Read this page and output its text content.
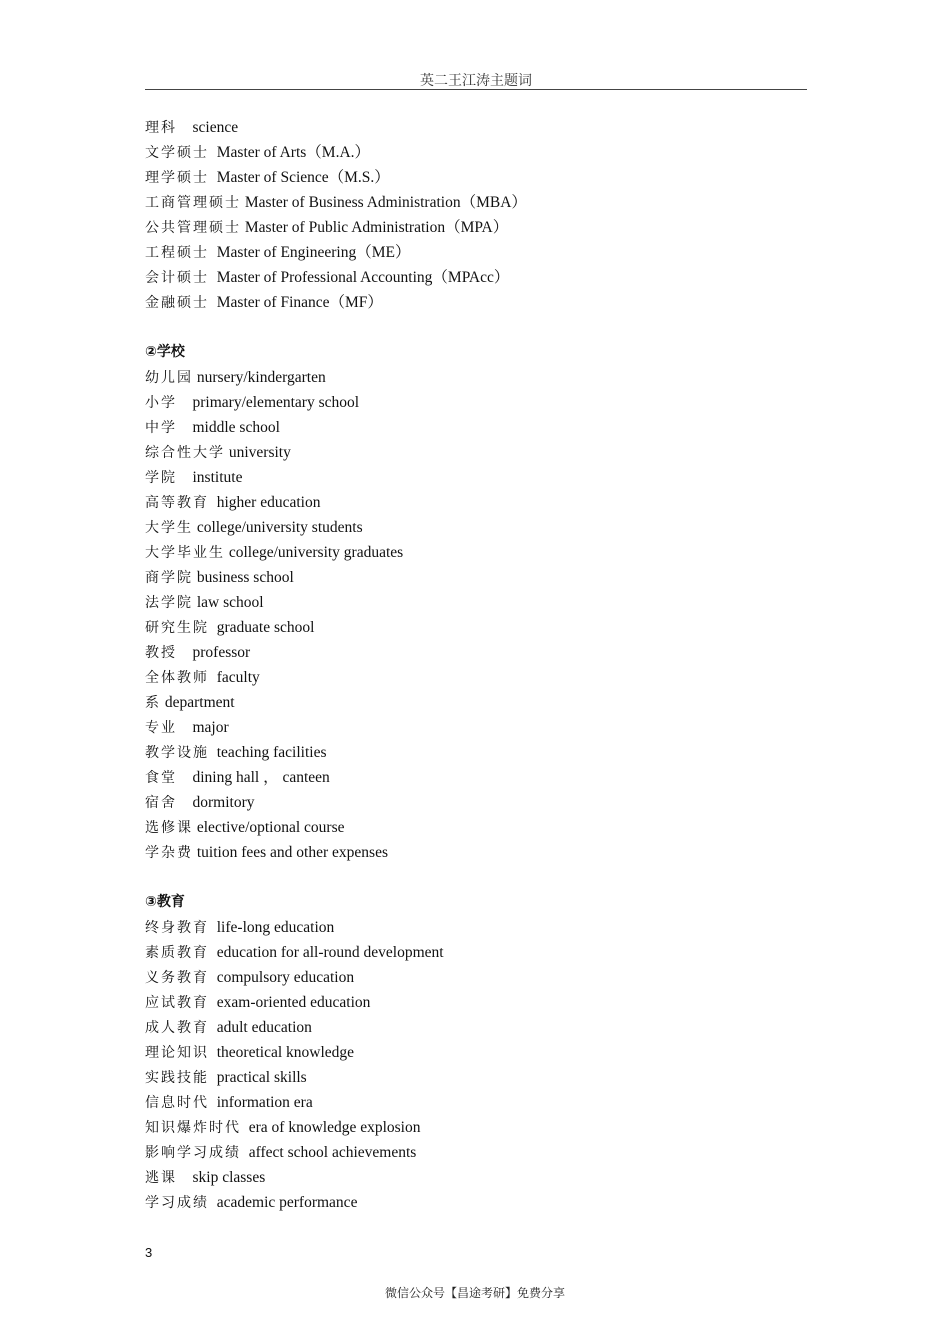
英二王江涛主题词
理科 science
文学硕士 Master of Arts（M.A.）
理学硕士 Master of Science（M.S.）
工商管理硕士 Master of Business Administration（MBA）
公共管理硕士 Master of Public Administration（MPA）
工程硕士 Master of Engineering（ME）
会计硕士 Master of Professional Accounting（MPAcc）
金融硕士 Master of Finance（MF）
②学校
幼儿园 nursery/kindergarten
小学 primary/elementary school
中学 middle school
综合性大学 university
学院 institute
高等教育 higher education
大学生 college/university students
大学毕业生 college/university graduates
商学院 business school
法学院 law school
研究生院 graduate school
教授 professor
全体教师 faculty
系 department
专业 major
教学设施 teaching facilities
食堂 dining hall ， canteen
宿舍 dormitory
选修课 elective/optional course
学杂费 tuition fees and other expenses
③教育
终身教育 life-long education
素质教育 education for all-round development
义务教育 compulsory education
应试教育 exam-oriented education
成人教育 adult education
理论知识 theoretical knowledge
实践技能 practical skills
信息时代 information era
知识爆炸时代 era of knowledge explosion
影响学习成绩 affect school achievements
逃课 skip classes
学习成绩 academic performance
3
微信公众号【昌途考研】免费分享
